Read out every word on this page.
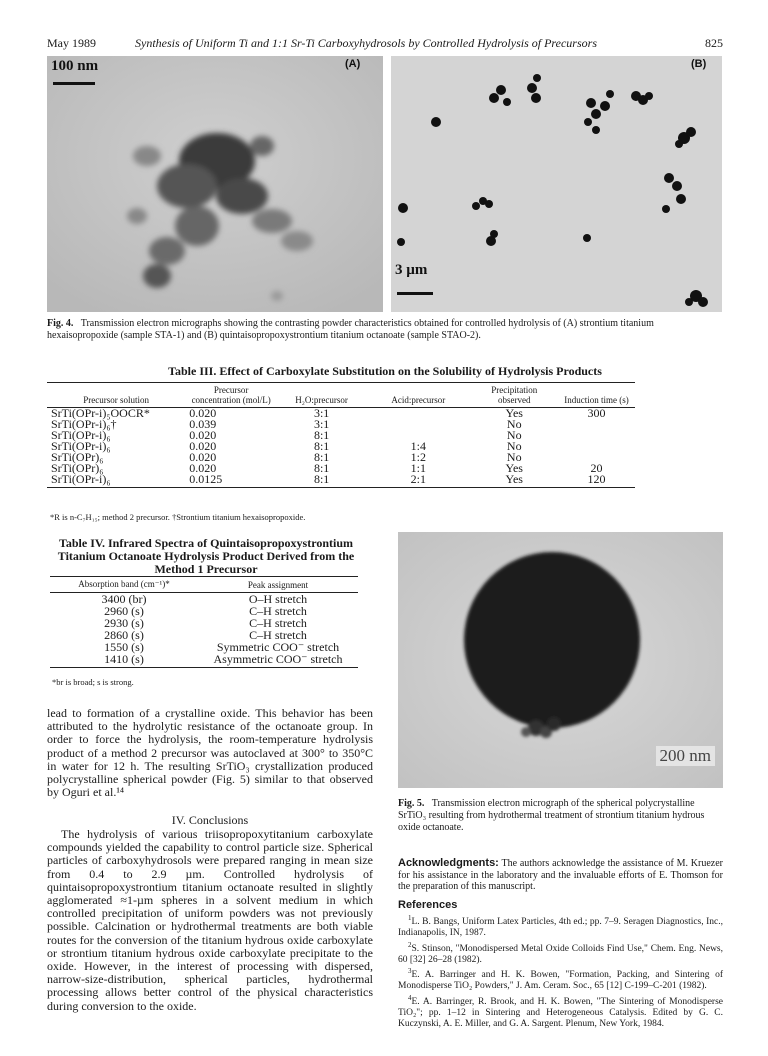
May 1989	Synthesis of Uniform Ti and 1:1 Sr-Ti Carboxyhydrosols by Controlled Hydrolysis of Precursors	825
100 nm	(A)	(B)
3 µm
Fig. 4. Transmission electron micrographs showing the contrasting powder characteristics obtained for controlled hydrolysis of (A) strontium titanium hexaisopropoxide (sample STA-1) and (B) quintaisopropoxystrontium titanium octanoate (sample STAO-2).
Table III. Effect of Carboxylate Substitution on the Solubility of Hydrolysis Products
Precursor solution	Precursor concentration (mol/L)	H₂O:precursor	Acid:precursor	Precipitation observed	Induction time (s)
SrTi(OPr-i)₅OOCR*	0.020	3:1		Yes	300
SrTi(OPr-i)₆†	0.039	3:1		No	
SrTi(OPr-i)₆	0.020	8:1		No	
SrTi(OPr-i)₆	0.020	8:1	1:4	No	
SrTi(OPr)₆	0.020	8:1	1:2	No	
SrTi(OPr)₆	0.020	8:1	1:1	Yes	20
SrTi(OPr-i)₆	0.0125	8:1	2:1	Yes	120
*R is n-C₇H₁₅; method 2 precursor. †Strontium titanium hexaisopropoxide.
Table IV. Infrared Spectra of Quintaisopropoxystrontium Titanium Octanoate Hydrolysis Product Derived from the Method 1 Precursor
Absorption band (cm⁻¹)*	Peak assignment
3400 (br)	O–H stretch
2960 (s)	C–H stretch
2930 (s)	C–H stretch
2860 (s)	C–H stretch
1550 (s)	Symmetric COO⁻ stretch
1410 (s)	Asymmetric COO⁻ stretch
*br is broad; s is strong.
lead to formation of a crystalline oxide. This behavior has been attributed to the hydrolytic resistance of the octanoate group. In order to force the hydrolysis, the room-temperature hydrolysis product of a method 2 precursor was autoclaved at 300° to 350°C in water for 12 h. The resulting SrTiO₃ crystallization produced polycrystalline spherical powder (Fig. 5) similar to that observed by Oguri et al.¹⁴
IV. Conclusions
The hydrolysis of various triisopropoxytitanium carboxylate compounds yielded the capability to control particle size. Spherical particles of carboxyhydrosols were prepared ranging in mean size from 0.4 to 2.9 µm. Controlled hydrolysis of quintaisopropoxystrontium titanium octanoate resulted in slightly agglomerated ≈1-µm spheres in a solvent medium in which controlled precipitation of uniform powders was not previously possible. Calcination or hydrothermal treatments are both viable routes for the conversion of the titanium hydrous oxide carboxylate or strontium titanium hydrous oxide carboxylate precipitate to the oxide. However, in the interest of processing with dispersed, narrow-size-distribution, spherical particles, hydrothermal processing allows better control of the physical characteristics during conversion to the oxide.
200 nm
Fig. 5. Transmission electron micrograph of the spherical polycrystalline SrTiO₃ resulting from hydrothermal treatment of strontium titanium hydrous oxide octanoate.
Acknowledgments: The authors acknowledge the assistance of M. Kruezer for his assistance in the laboratory and the invaluable efforts of E. Thomson for the preparation of this manuscript.
References
$^1$L. B. Bangs, Uniform Latex Particles, 4th ed.; pp. 7–9. Seragen Diagnostics, Inc., Indianapolis, IN, 1987.
$^2$S. Stinson, "Monodispersed Metal Oxide Colloids Find Use," Chem. Eng. News, 60 [32] 26–28 (1982).
$^3$E. A. Barringer and H. K. Bowen, "Formation, Packing, and Sintering of Monodisperse TiO₂ Powders," J. Am. Ceram. Soc., 65 [12] C-199–C-201 (1982).
$^4$E. A. Barringer, R. Brook, and H. K. Bowen, "The Sintering of Monodisperse TiO₂"; pp. 1–12 in Sintering and Heterogeneous Catalysis. Edited by G. C. Kuczynski, A. E. Miller, and G. A. Sargent. Plenum, New York, 1984.
